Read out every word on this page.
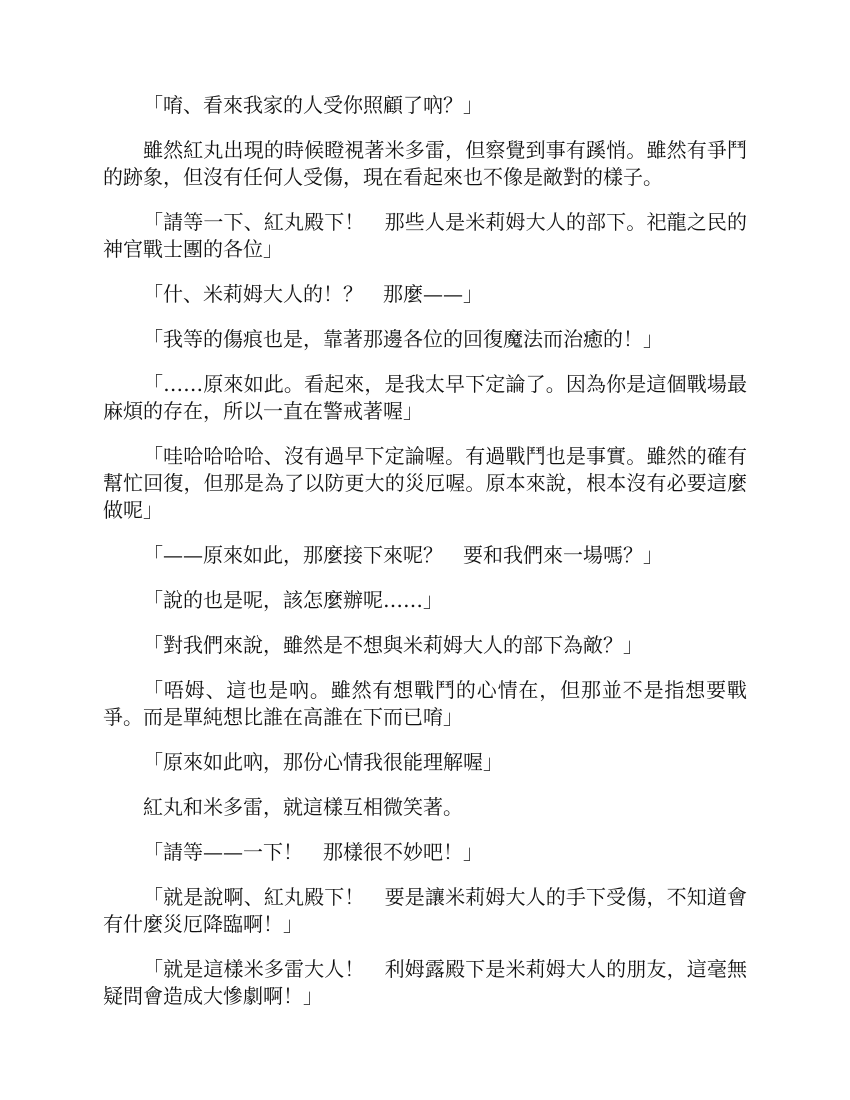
「唷、看來我家的人受你照顧了吶？」

雖然紅丸出現的時候瞪視著米多雷，但察覺到事有蹊悄。雖然有爭鬥的跡象，但沒有任何人受傷，現在看起來也不像是敵對的樣子。

「請等一下、紅丸殿下！　那些人是米莉姆大人的部下。祀龍之民的神官戰士團的各位」

「什、米莉姆大人的！？　那麼——」

「我等的傷痕也是，靠著那邊各位的回復魔法而治癒的！」

「……原來如此。看起來，是我太早下定論了。因為你是這個戰場最麻煩的存在，所以一直在警戒著喔」

「哇哈哈哈哈、沒有過早下定論喔。有過戰鬥也是事實。雖然的確有幫忙回復，但那是為了以防更大的災厄喔。原本來說，根本沒有必要這麼做呢」

「——原來如此，那麼接下來呢？　要和我們來一場嗎？」

「說的也是呢，該怎麼辦呢……」

「對我們來說，雖然是不想與米莉姆大人的部下為敵？」

「唔姆、這也是吶。雖然有想戰鬥的心情在，但那並不是指想要戰爭。而是單純想比誰在高誰在下而已唷」

「原來如此吶，那份心情我很能理解喔」

紅丸和米多雷，就這樣互相微笑著。

「請等——一下！　那樣很不妙吧！」

「就是說啊、紅丸殿下！　要是讓米莉姆大人的手下受傷，不知道會有什麼災厄降臨啊！」

「就是這樣米多雷大人！　利姆露殿下是米莉姆大人的朋友，這毫無疑問會造成大慘劇啊！」
